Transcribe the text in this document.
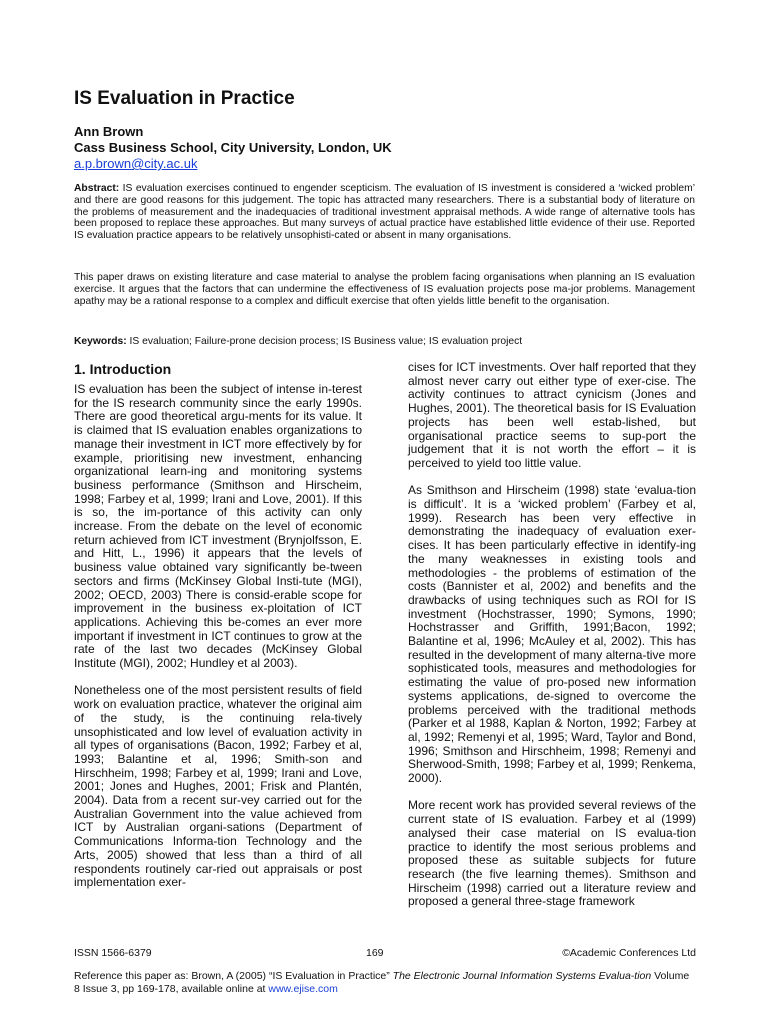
IS Evaluation in Practice
Ann Brown
Cass Business School, City University, London, UK
a.p.brown@city.ac.uk

Abstract: IS evaluation exercises continued to engender scepticism. The evaluation of IS investment is considered a ‘wicked problem’ and there are good reasons for this judgement. The topic has attracted many researchers. There is a substantial body of literature on the problems of measurement and the inadequacies of traditional investment appraisal methods. A wide range of alternative tools has been proposed to replace these approaches. But many surveys of actual practice have established little evidence of their use. Reported IS evaluation practice appears to be relatively unsophisti-cated or absent in many organisations.

This paper draws on existing literature and case material to analyse the problem facing organisations when planning an IS evaluation exercise. It argues that the factors that can undermine the effectiveness of IS evaluation projects pose ma-jor problems. Management apathy may be a rational response to a complex and difficult exercise that often yields little benefit to the organisation.

Keywords: IS evaluation; Failure-prone decision process; IS Business value; IS evaluation project
1. Introduction

IS evaluation has been the subject of intense in-terest for the IS research community since the early 1990s. There are good theoretical argu-ments for its value. It is claimed that IS evaluation enables organizations to manage their investment in ICT more effectively by for example, prioritising new investment, enhancing organizational learn-ing and monitoring systems business performance (Smithson and Hirscheim, 1998; Farbey et al, 1999; Irani and Love, 2001). If this is so, the im-portance of this activity can only increase. From the debate on the level of economic return achieved from ICT investment (Brynjolfsson, E. and Hitt, L., 1996) it appears that the levels of business value obtained vary significantly be-tween sectors and firms (McKinsey Global Insti-tute (MGI), 2002; OECD, 2003) There is consid-erable scope for improvement in the business ex-ploitation of ICT applications. Achieving this be-comes an ever more important if investment in ICT continues to grow at the rate of the last two decades (McKinsey Global Institute (MGI), 2002; Hundley et al 2003).

Nonetheless one of the most persistent results of field work on evaluation practice, whatever the original aim of the study, is the continuing rela-tively unsophisticated and low level of evaluation activity in all types of organisations (Bacon, 1992; Farbey et al, 1993; Balantine et al, 1996; Smith-son and Hirschheim, 1998; Farbey et al, 1999; Irani and Love, 2001; Jones and Hughes, 2001; Frisk and Plantén, 2004). Data from a recent sur-vey carried out for the Australian Government into the value achieved from ICT by Australian organi-sations (Department of Communications Informa-tion Technology and the Arts, 2005) showed that less than a third of all respondents routinely car-ried out appraisals or post implementation exer-

cises for ICT investments. Over half reported that they almost never carry out either type of exer-cise. The activity continues to attract cynicism (Jones and Hughes, 2001). The theoretical basis for IS Evaluation projects has been well estab-lished, but organisational practice seems to sup-port the judgement that it is not worth the effort – it is perceived to yield too little value.

As Smithson and Hirscheim (1998) state ‘evalua-tion is difficult’. It is a ‘wicked problem’ (Farbey et al, 1999). Research has been very effective in demonstrating the inadequacy of evaluation exer-cises. It has been particularly effective in identify-ing the many weaknesses in existing tools and methodologies - the problems of estimation of the costs (Bannister et al, 2002) and benefits and the drawbacks of using techniques such as ROI for IS investment (Hochstrasser, 1990; Symons, 1990; Hochstrasser and Griffith, 1991;Bacon, 1992; Balantine et al, 1996; McAuley et al, 2002). This has resulted in the development of many alterna-tive more sophisticated tools, measures and methodologies for estimating the value of pro-posed new information systems applications, de-signed to overcome the problems perceived with the traditional methods (Parker et al 1988, Kaplan & Norton, 1992; Farbey at al, 1992; Remenyi et al, 1995; Ward, Taylor and Bond, 1996; Smithson and Hirschheim, 1998; Remenyi and Sherwood-Smith, 1998; Farbey et al, 1999; Renkema, 2000).

More recent work has provided several reviews of the current state of IS evaluation. Farbey et al (1999) analysed their case material on IS evalua-tion practice to identify the most serious problems and proposed these as suitable subjects for future research (the five learning themes). Smithson and Hirscheim (1998) carried out a literature review and proposed a general three-stage framework

ISSN 1566-6379	169	©Academic Conferences Ltd

Reference this paper as: Brown, A (2005) “IS Evaluation in Practice” The Electronic Journal Information Systems Evalua-tion Volume 8 Issue 3, pp 169-178, available online at www.ejise.com
